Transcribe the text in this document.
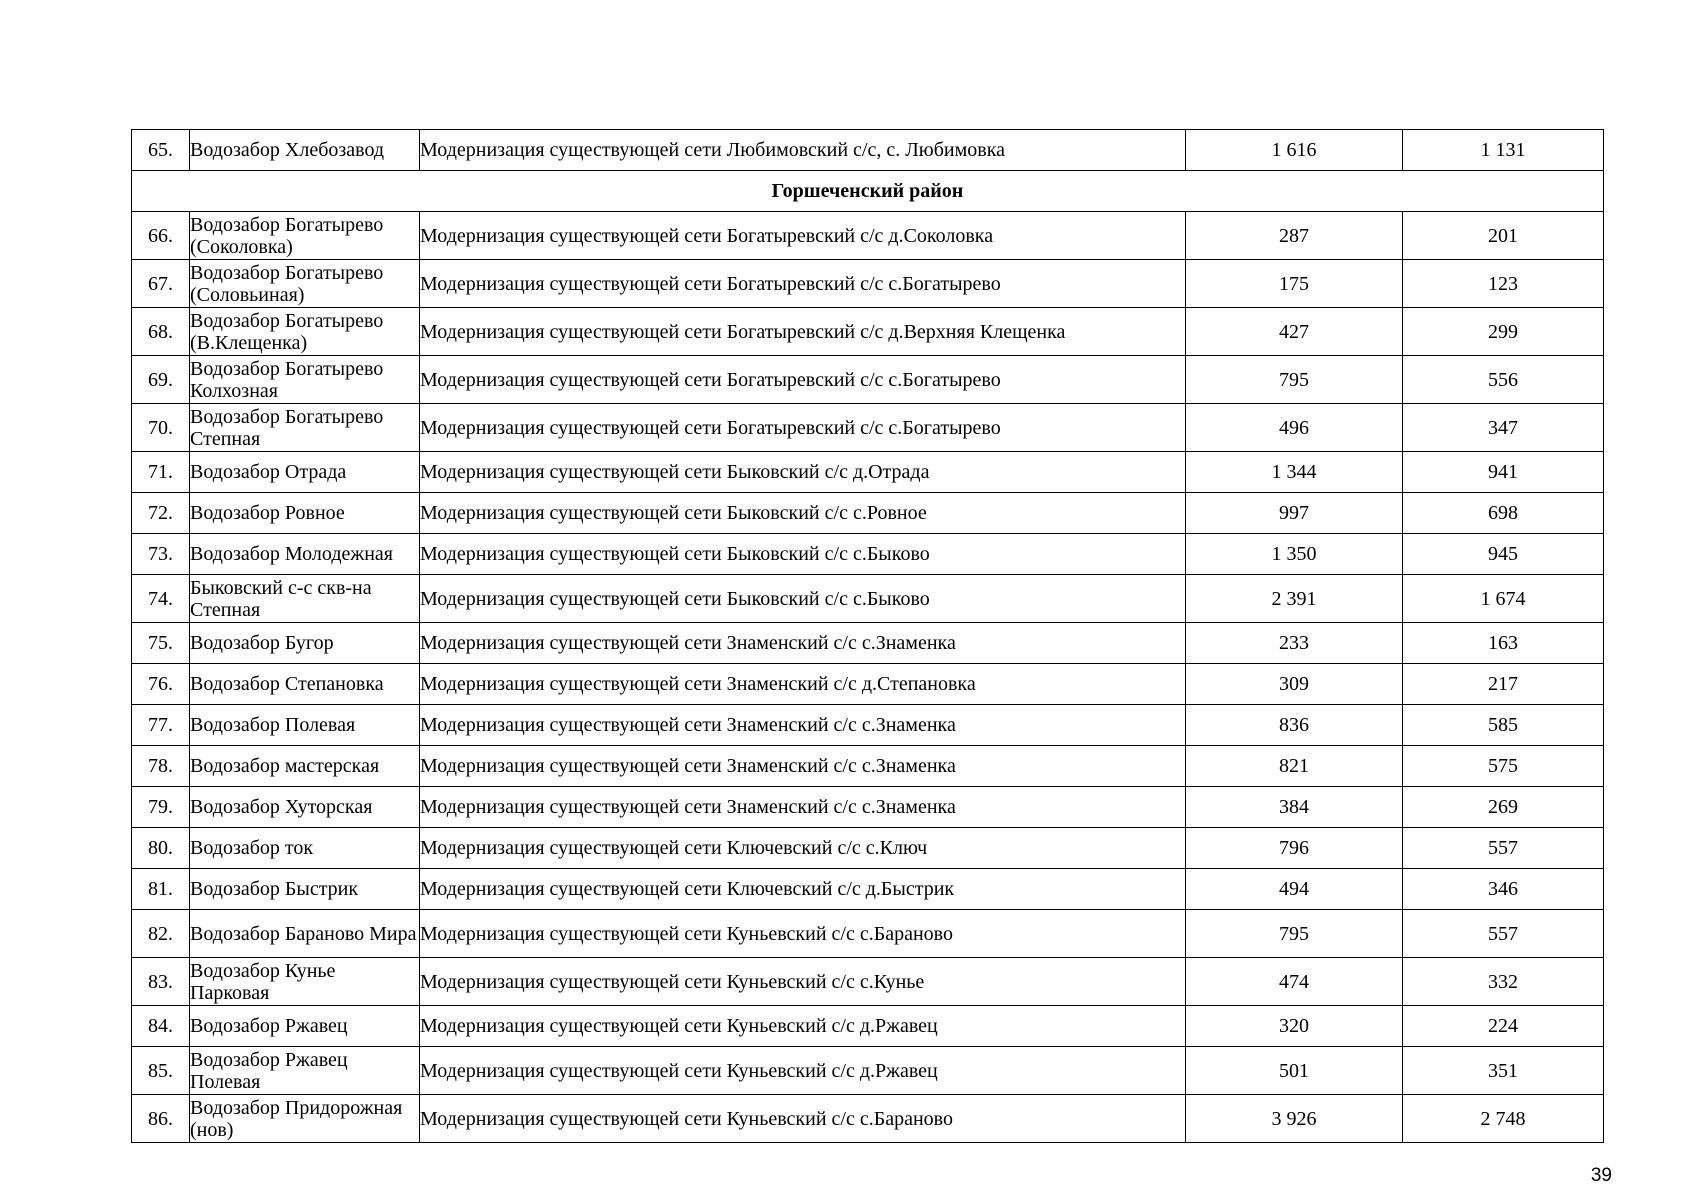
65.	Водозабор Хлебозавод	Модернизация существующей сети Любимовский с/с, с. Любимовка	1 616	1 131
Горшеченский район				
66.	Водозабор Богатырево (Соколовка)	Модернизация существующей сети Богатыревский с/с д.Соколовка	287	201
67.	Водозабор Богатырево (Соловьиная)	Модернизация существующей сети Богатыревский с/с с.Богатырево	175	123
68.	Водозабор Богатырево (В.Клещенка)	Модернизация существующей сети Богатыревский с/с д.Верхняя Клещенка	427	299
69.	Водозабор Богатырево Колхозная	Модернизация существующей сети Богатыревский с/с с.Богатырево	795	556
70.	Водозабор Богатырево Степная	Модернизация существующей сети Богатыревский с/с с.Богатырево	496	347
71.	Водозабор Отрада	Модернизация существующей сети Быковский с/с д.Отрада	1 344	941
72.	Водозабор Ровное	Модернизация существующей сети Быковский с/с с.Ровное	997	698
73.	Водозабор Молодежная	Модернизация существующей сети Быковский с/с с.Быково	1 350	945
74.	Быковский с-с скв-на Степная	Модернизация существующей сети Быковский с/с с.Быково	2 391	1 674
75.	Водозабор Бугор	Модернизация существующей сети Знаменский с/с с.Знаменка	233	163
76.	Водозабор Степановка	Модернизация существующей сети Знаменский с/с д.Степановка	309	217
77.	Водозабор Полевая	Модернизация существующей сети Знаменский с/с с.Знаменка	836	585
78.	Водозабор мастерская	Модернизация существующей сети Знаменский с/с с.Знаменка	821	575
79.	Водозабор Хуторская	Модернизация существующей сети Знаменский с/с с.Знаменка	384	269
80.	Водозабор ток	Модернизация существующей сети Ключевский с/с с.Ключ	796	557
81.	Водозабор Быстрик	Модернизация существующей сети Ключевский с/с д.Быстрик	494	346
82.	Водозабор Бараново Мира	Модернизация существующей сети Куньевский с/с с.Бараново	795	557
83.	Водозабор Кунье Парковая	Модернизация существующей сети Куньевский с/с с.Кунье	474	332
84.	Водозабор Ржавец	Модернизация существующей сети Куньевский с/с д.Ржавец	320	224
85.	Водозабор Ржавец Полевая	Модернизация существующей сети Куньевский с/с д.Ржавец	501	351
86.	Водозабор Придорожная (нов)	Модернизация существующей сети Куньевский с/с с.Бараново	3 926	2 748
39
